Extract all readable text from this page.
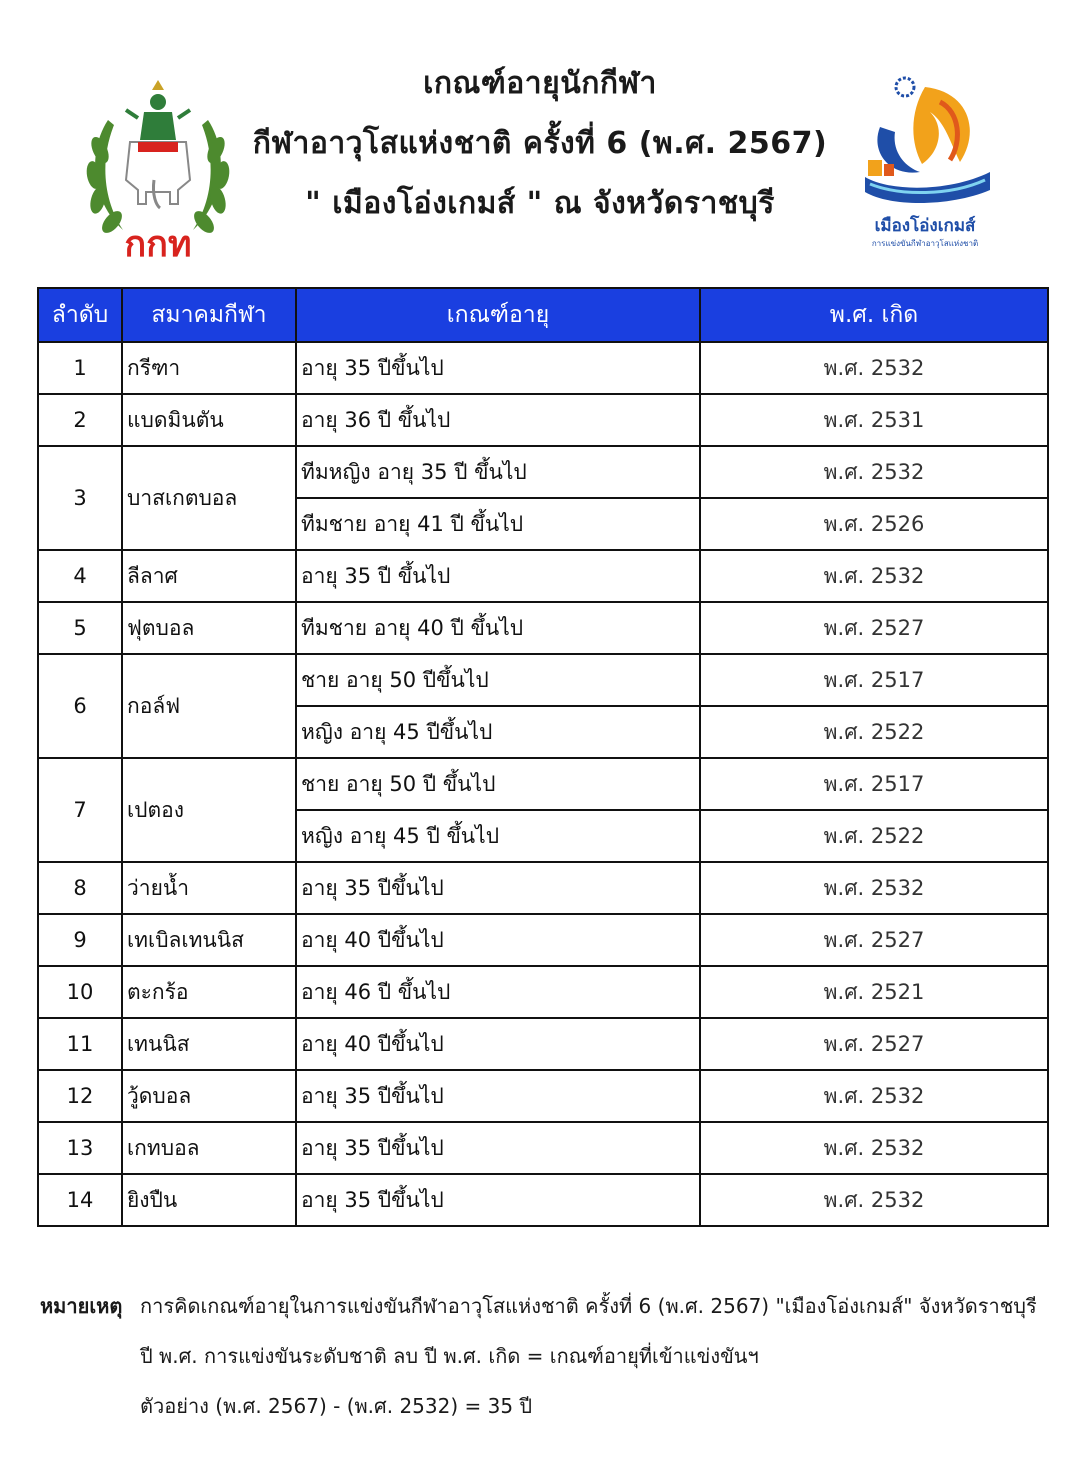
กกท
เกณฑ์อายุนักกีฬา
กีฬาอาวุโสแห่งชาติ ครั้งที่ 6 (พ.ศ. 2567)
" เมืองโอ่งเกมส์ " ณ จังหวัดราชบุรี
เมืองโอ่งเกมส์
การแข่งขันกีฬาอาวุโสแห่งชาติ
ลำดับ	สมาคมกีฬา	เกณฑ์อายุ	พ.ศ. เกิด
1	กรีฑา	อายุ 35 ปีขึ้นไป	พ.ศ. 2532
2	แบดมินตัน	อายุ 36 ปี ขึ้นไป	พ.ศ. 2531
3	บาสเกตบอล	ทีมหญิง อายุ 35 ปี ขึ้นไป	พ.ศ. 2532
		ทีมชาย อายุ 41 ปี ขึ้นไป	พ.ศ. 2526
4	ลีลาศ	อายุ 35 ปี ขึ้นไป	พ.ศ. 2532
5	ฟุตบอล	ทีมชาย อายุ 40 ปี ขึ้นไป	พ.ศ. 2527
6	กอล์ฟ	ชาย อายุ 50 ปีขึ้นไป	พ.ศ. 2517
		หญิง อายุ 45 ปีขึ้นไป	พ.ศ. 2522
7	เปตอง	ชาย อายุ 50 ปี ขึ้นไป	พ.ศ. 2517
		หญิง อายุ 45 ปี ขึ้นไป	พ.ศ. 2522
8	ว่ายน้ำ	อายุ 35 ปีขึ้นไป	พ.ศ. 2532
9	เทเบิลเทนนิส	อายุ 40 ปีขึ้นไป	พ.ศ. 2527
10	ตะกร้อ	อายุ 46 ปี ขึ้นไป	พ.ศ. 2521
11	เทนนิส	อายุ 40 ปีขึ้นไป	พ.ศ. 2527
12	วู้ดบอล	อายุ 35 ปีขึ้นไป	พ.ศ. 2532
13	เกทบอล	อายุ 35 ปีขึ้นไป	พ.ศ. 2532
14	ยิงปืน	อายุ 35 ปีขึ้นไป	พ.ศ. 2532
หมายเหตุ การคิดเกณฑ์อายุในการแข่งขันกีฬาอาวุโสแห่งชาติ ครั้งที่ 6 (พ.ศ. 2567) "เมืองโอ่งเกมส์" จังหวัดราชบุรี
ปี พ.ศ. การแข่งขันระดับชาติ ลบ ปี พ.ศ. เกิด = เกณฑ์อายุที่เข้าแข่งขันฯ
ตัวอย่าง (พ.ศ. 2567) - (พ.ศ. 2532) = 35 ปี
